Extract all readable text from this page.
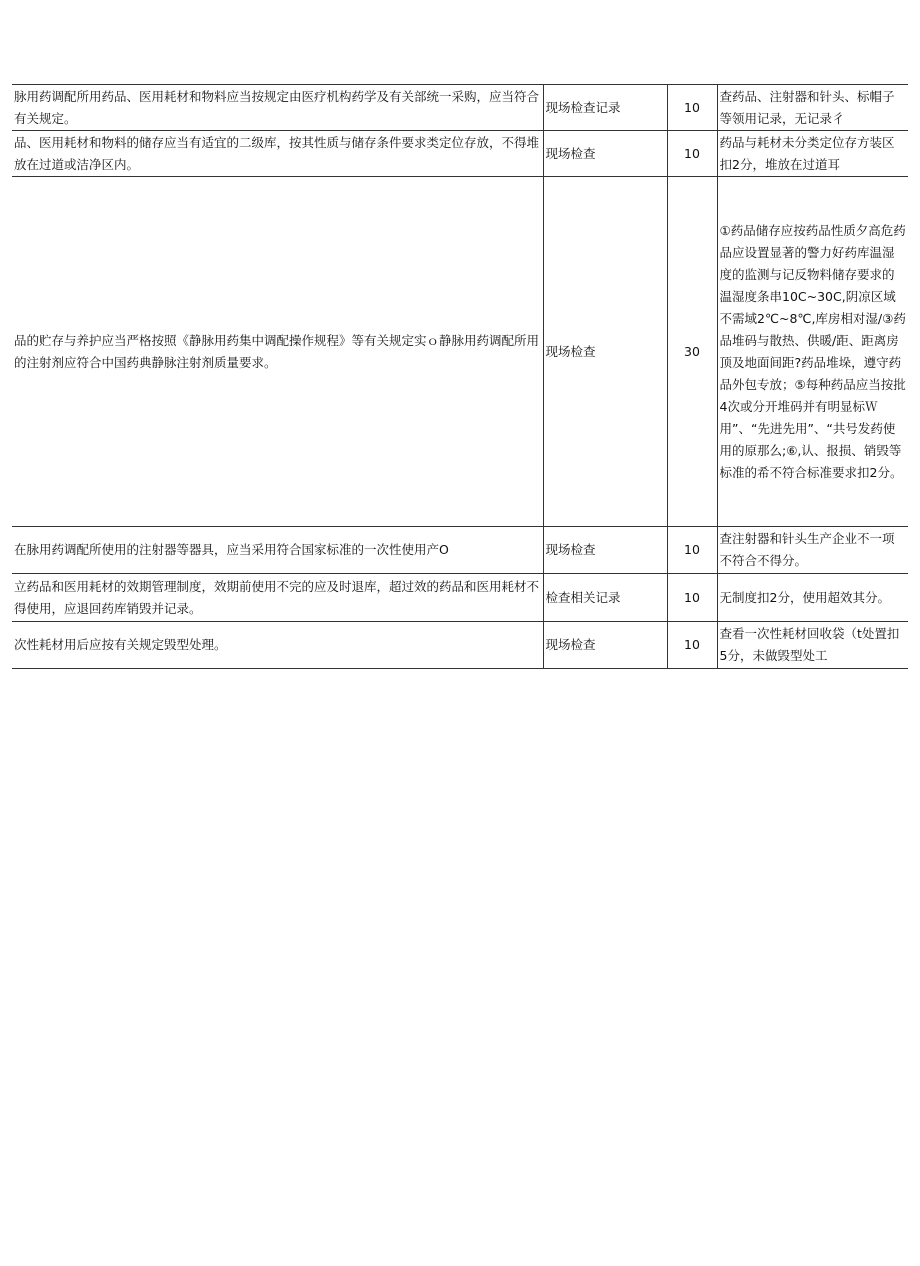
脉用药调配所用药品、医用耗材和物料应当按规定由医疗机构药学及有关部统一采购，应当符合有关规定。	现场检查记录	10	查药品、注射器和针头、标帽子等领用记录，无记录彳
品、医用耗材和物料的储存应当有适宜的二级库，按其性质与储存条件要求类定位存放，不得堆放在过道或洁净区内。	现场检查	10	药品与耗材未分类定位存方装区扣2分，堆放在过道耳
品的贮存与养护应当严格按照《静脉用药集中调配操作规程》等有关规定实ｏ静脉用药调配所用的注射剂应符合中国药典静脉注射剂质量要求。	现场检查	30	①药品储存应按药品性质夕高危药品应设置显著的警力好药库温湿度的监测与记反物料储存要求的温湿度条串10C~30C,阴凉区域不需域2℃~8℃,库房相对湿/③药品堆码与散热、供暖/距、距离房顶及地面间距?药品堆垛，遵守药品外包专放；⑤每种药品应当按批4次或分开堆码并有明显标Ｗ用”、“先进先用”、“共号发药使用的原那么;⑥,认、报损、销毁等标准的希不符合标准要求扣2分。
在脉用药调配所使用的注射器等器具，应当采用符合国家标准的一次性使用产O	现场检查	10	查注射器和针头生产企业不一项不符合不得分。
立药品和医用耗材的效期管理制度，效期前使用不完的应及时退库，超过效的药品和医用耗材不得使用，应退回药库销毁并记录。	检查相关记录	10	无制度扣2分，使用超效其分。
次性耗材用后应按有关规定毁型处理。	现场检查	10	查看一次性耗材回收袋（t处置扣5分，未做毁型处工
